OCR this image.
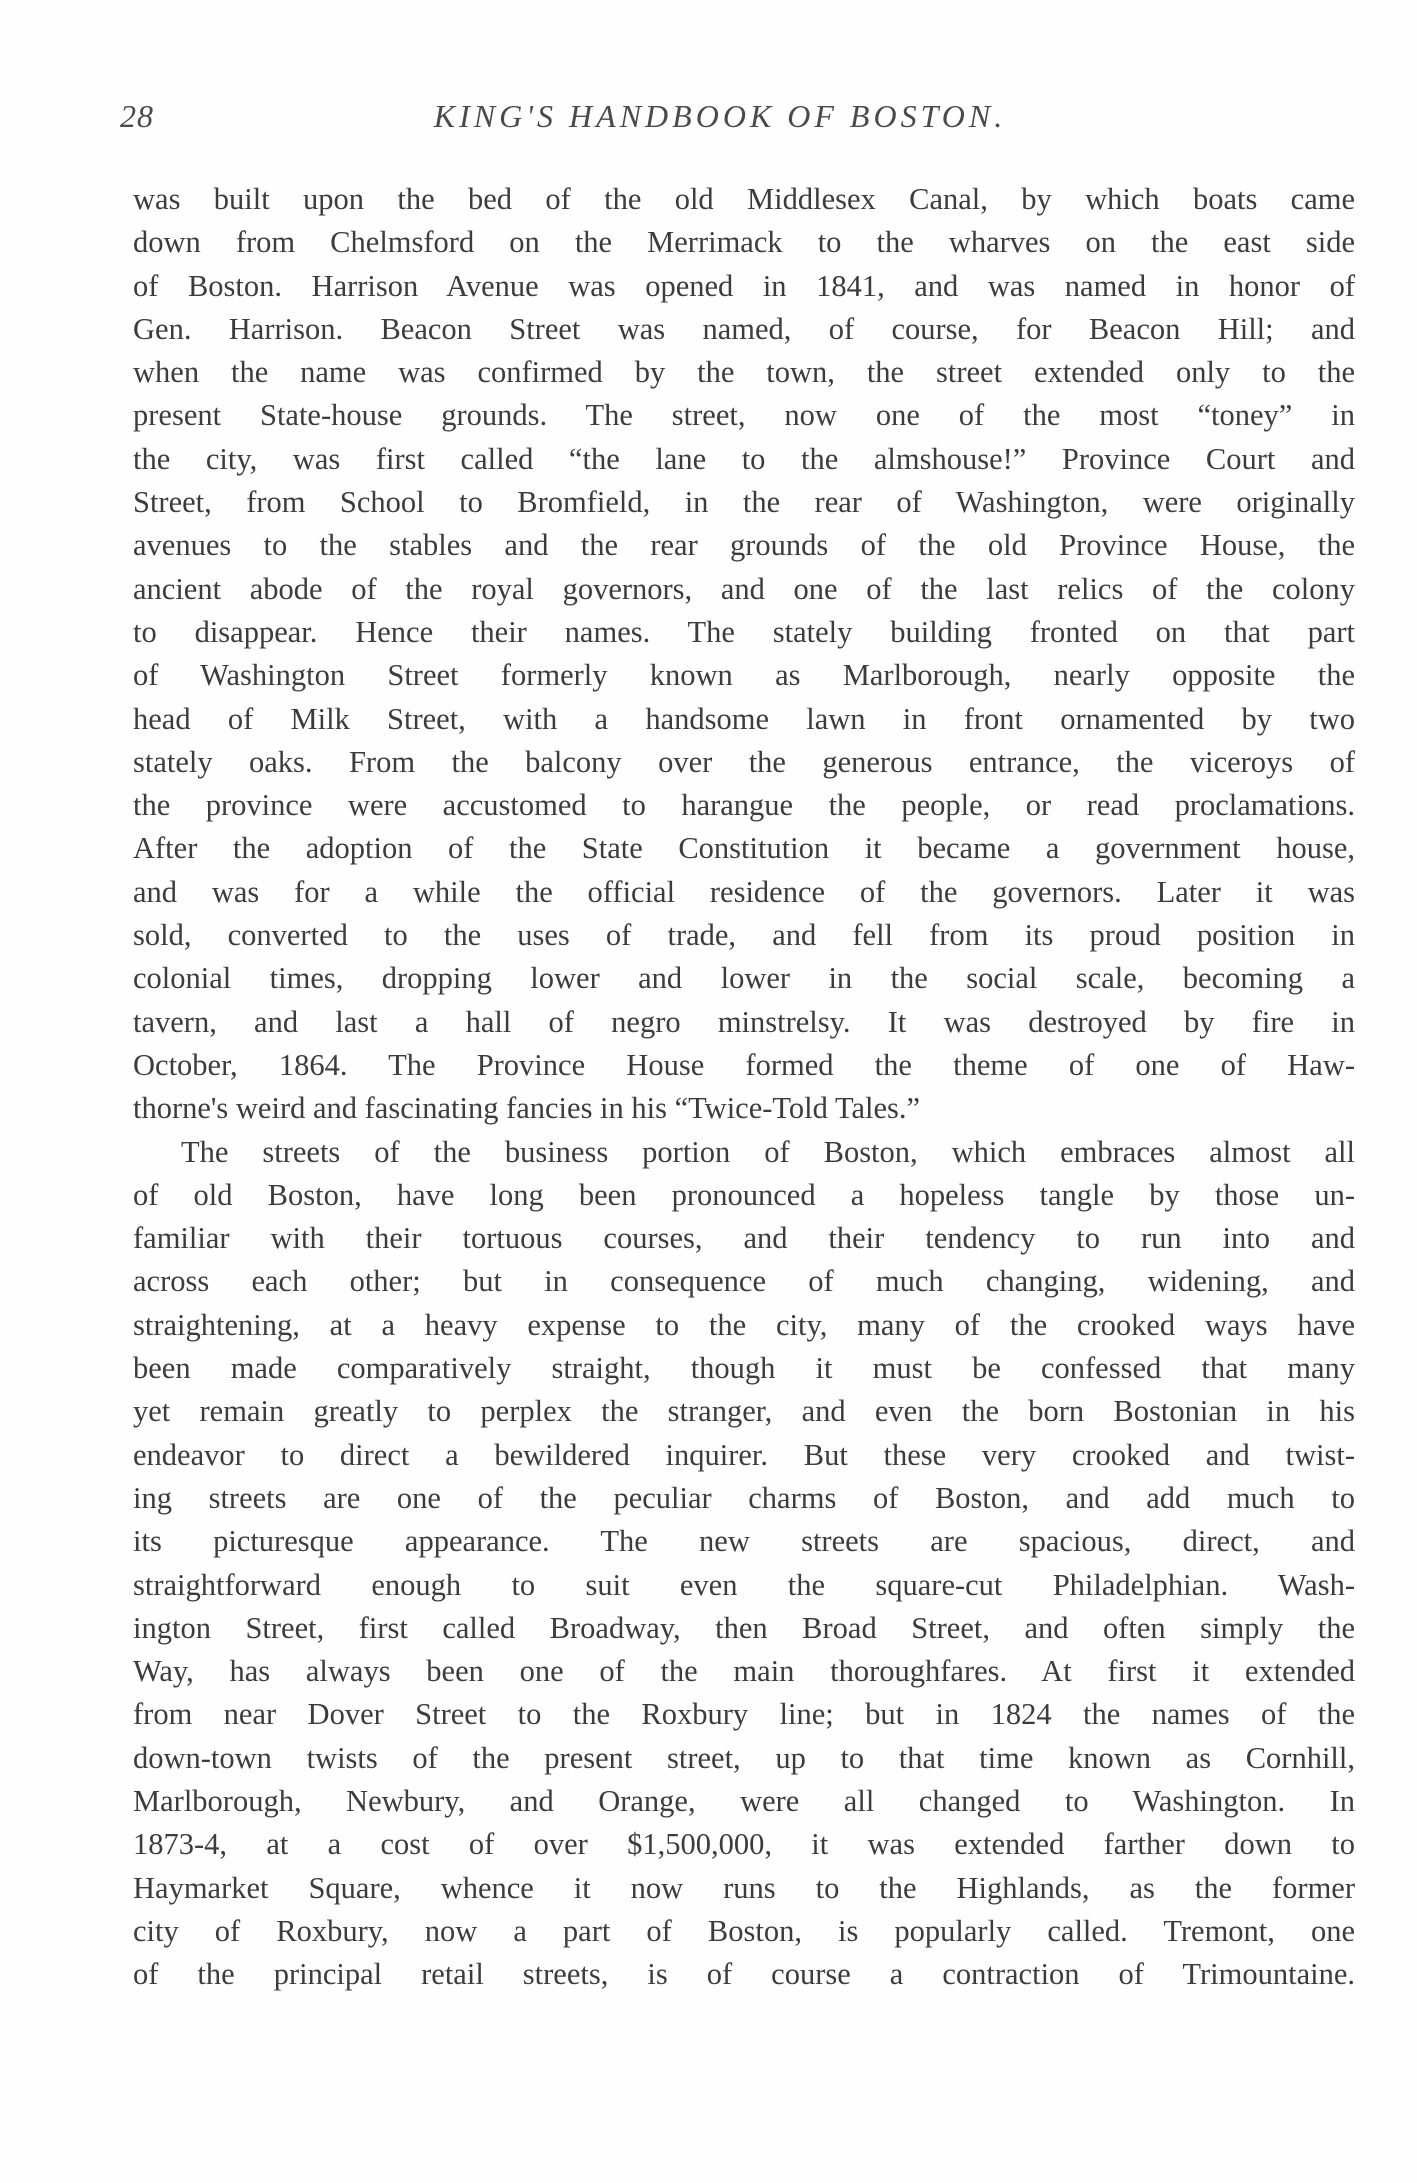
28	KING'S HANDBOOK OF BOSTON.
was built upon the bed of the old Middlesex Canal, by which boats came
down from Chelmsford on the Merrimack to the wharves on the east side
of Boston. Harrison Avenue was opened in 1841, and was named in honor of
Gen. Harrison. Beacon Street was named, of course, for Beacon Hill; and
when the name was confirmed by the town, the street extended only to the
present State-house grounds. The street, now one of the most “toney” in
the city, was first called “the lane to the almshouse!” Province Court and
Street, from School to Bromfield, in the rear of Washington, were originally
avenues to the stables and the rear grounds of the old Province House, the
ancient abode of the royal governors, and one of the last relics of the colony
to disappear. Hence their names. The stately building fronted on that part
of Washington Street formerly known as Marlborough, nearly opposite the
head of Milk Street, with a handsome lawn in front ornamented by two
stately oaks. From the balcony over the generous entrance, the viceroys of
the province were accustomed to harangue the people, or read proclamations.
After the adoption of the State Constitution it became a government house,
and was for a while the official residence of the governors. Later it was
sold, converted to the uses of trade, and fell from its proud position in
colonial times, dropping lower and lower in the social scale, becoming a
tavern, and last a hall of negro minstrelsy. It was destroyed by fire in
October, 1864. The Province House formed the theme of one of Haw-
thorne's weird and fascinating fancies in his “Twice-Told Tales.”
The streets of the business portion of Boston, which embraces almost all
of old Boston, have long been pronounced a hopeless tangle by those un-
familiar with their tortuous courses, and their tendency to run into and
across each other; but in consequence of much changing, widening, and
straightening, at a heavy expense to the city, many of the crooked ways have
been made comparatively straight, though it must be confessed that many
yet remain greatly to perplex the stranger, and even the born Bostonian in his
endeavor to direct a bewildered inquirer. But these very crooked and twist-
ing streets are one of the peculiar charms of Boston, and add much to
its picturesque appearance. The new streets are spacious, direct, and
straightforward enough to suit even the square-cut Philadelphian. Wash-
ington Street, first called Broadway, then Broad Street, and often simply the
Way, has always been one of the main thoroughfares. At first it extended
from near Dover Street to the Roxbury line; but in 1824 the names of the
down-town twists of the present street, up to that time known as Cornhill,
Marlborough, Newbury, and Orange, were all changed to Washington. In
1873-4, at a cost of over $1,500,000, it was extended farther down to
Haymarket Square, whence it now runs to the Highlands, as the former
city of Roxbury, now a part of Boston, is popularly called. Tremont, one
of the principal retail streets, is of course a contraction of Trimountaine.
